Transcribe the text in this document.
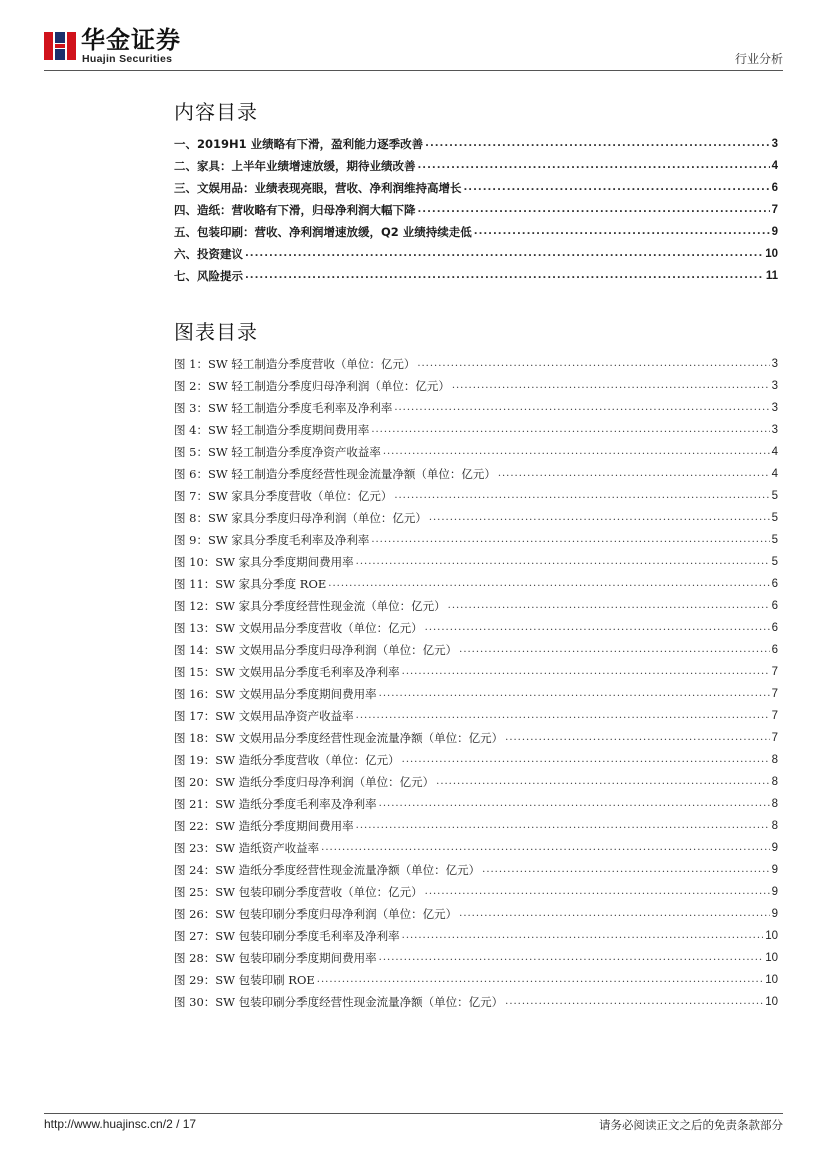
华金证券
Huajin Securities	行业分析
内容目录
一、2019H1 业绩略有下滑，盈利能力逐季改善 .....	3
二、家具：上半年业绩增速放缓，期待业绩改善 .....	4
三、文娱用品：业绩表现亮眼，营收、净利润维持高增长 .....	6
四、造纸：营收略有下滑，归母净利润大幅下降 .....	7
五、包装印刷：营收、净利润增速放缓，Q2 业绩持续走低 .....	9
六、投资建议 .....	10
七、风险提示 .....	11
图表目录
图 1：SW 轻工制造分季度营收（单位：亿元） .....	3
图 2：SW 轻工制造分季度归母净利润（单位：亿元） .....	3
图 3：SW 轻工制造分季度毛利率及净利率 .....	3
图 4：SW 轻工制造分季度期间费用率 .....	3
图 5：SW 轻工制造分季度净资产收益率 .....	4
图 6：SW 轻工制造分季度经营性现金流量净额（单位：亿元） .....	4
图 7：SW 家具分季度营收（单位：亿元） .....	5
图 8：SW 家具分季度归母净利润（单位：亿元） .....	5
图 9：SW 家具分季度毛利率及净利率 .....	5
图 10：SW 家具分季度期间费用率 .....	5
图 11：SW 家具分季度 ROE .....	6
图 12：SW 家具分季度经营性现金流（单位：亿元） .....	6
图 13：SW 文娱用品分季度营收（单位：亿元） .....	6
图 14：SW 文娱用品分季度归母净利润（单位：亿元） .....	6
图 15：SW 文娱用品分季度毛利率及净利率 .....	7
图 16：SW 文娱用品分季度期间费用率 .....	7
图 17：SW 文娱用品净资产收益率 .....	7
图 18：SW 文娱用品分季度经营性现金流量净额（单位：亿元） .....	7
图 19：SW 造纸分季度营收（单位：亿元） .....	8
图 20：SW 造纸分季度归母净利润（单位：亿元） .....	8
图 21：SW 造纸分季度毛利率及净利率 .....	8
图 22：SW 造纸分季度期间费用率 .....	8
图 23：SW 造纸资产收益率 .....	9
图 24：SW 造纸分季度经营性现金流量净额（单位：亿元） .....	9
图 25：SW 包装印刷分季度营收（单位：亿元） .....	9
图 26：SW 包装印刷分季度归母净利润（单位：亿元） .....	9
图 27：SW 包装印刷分季度毛利率及净利率 .....	10
图 28：SW 包装印刷分季度期间费用率 .....	10
图 29：SW 包装印刷 ROE .....	10
图 30：SW 包装印刷分季度经营性现金流量净额（单位：亿元） .....	10
http://www.huajinsc.cn/2 / 17	请务必阅读正文之后的免责条款部分
